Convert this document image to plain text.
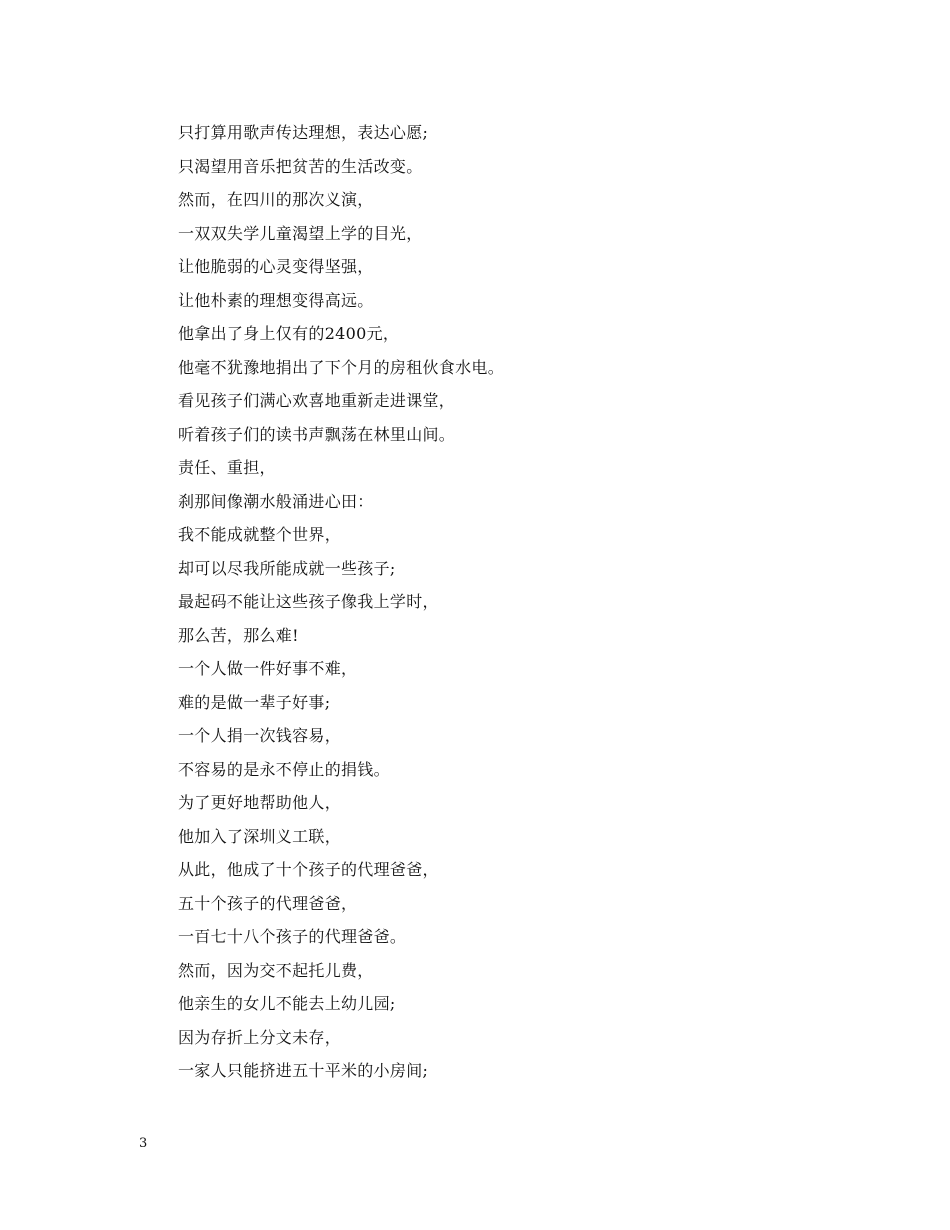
只打算用歌声传达理想，表达心愿;
只渴望用音乐把贫苦的生活改变。
然而，在四川的那次义演，
一双双失学儿童渴望上学的目光，
让他脆弱的心灵变得坚强，
让他朴素的理想变得高远。
他拿出了身上仅有的2400元，
他毫不犹豫地捐出了下个月的房租伙食水电。
看见孩子们满心欢喜地重新走进课堂，
听着孩子们的读书声飘荡在林里山间。
责任、重担，
刹那间像潮水般涌进心田：
我不能成就整个世界，
却可以尽我所能成就一些孩子;
最起码不能让这些孩子像我上学时，
那么苦，那么难!
一个人做一件好事不难，
难的是做一辈子好事;
一个人捐一次钱容易，
不容易的是永不停止的捐钱。
为了更好地帮助他人，
他加入了深圳义工联，
从此，他成了十个孩子的代理爸爸，
五十个孩子的代理爸爸，
一百七十八个孩子的代理爸爸。
然而，因为交不起托儿费，
他亲生的女儿不能去上幼儿园;
因为存折上分文未存，
一家人只能挤进五十平米的小房间;
3
